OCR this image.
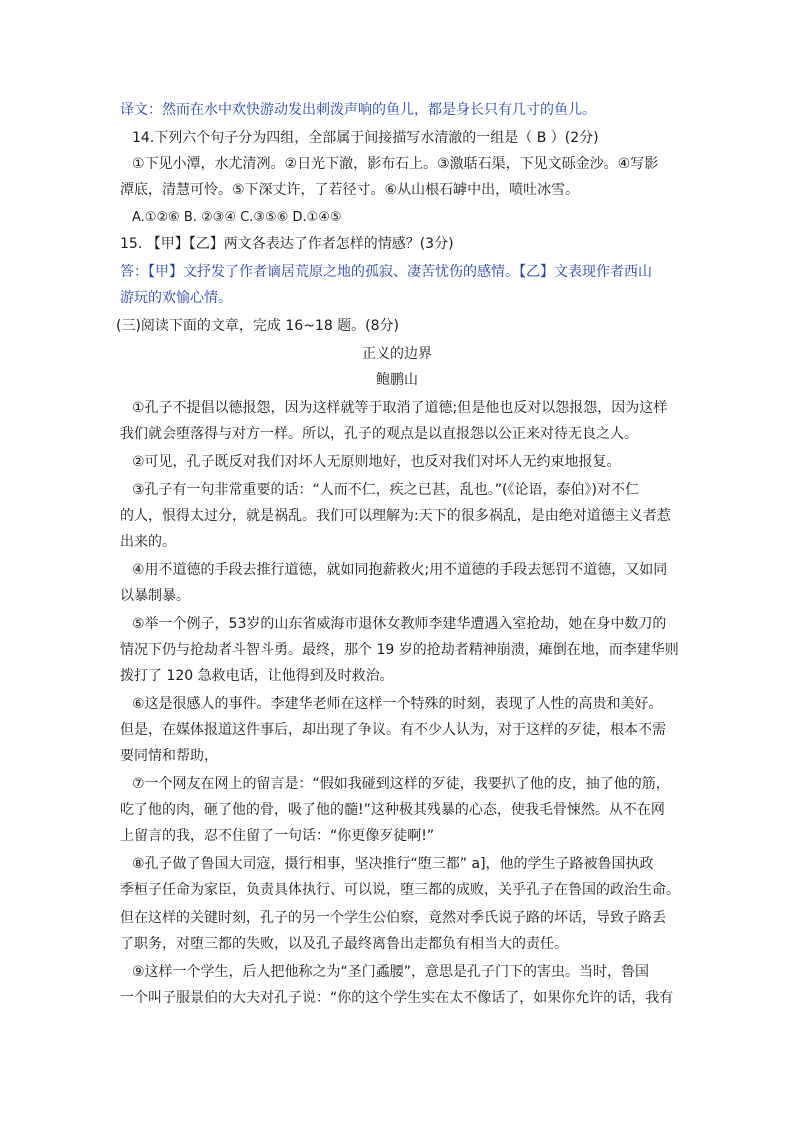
译文：然而在水中欢快游动发出刺泼声响的鱼儿，都是身长只有几寸的鱼儿。
14.下列六个句子分为四组，全部属于间接描写水清澈的一组是（ B ）(2分)
①下见小潭，水尤清冽。②日光下澈，影布石上。③激聒石渠，下见文砾金沙。④写影
潭底，清慧可怜。⑤下深丈许，了若径寸。⑥从山根石罅中出，喷吐冰雪。
A.①②⑥ B. ②③④ C.③⑤⑥ D.①④⑤
15. 【甲】【乙】两文各表达了作者怎样的情感？(3分)
答：【甲】文抒发了作者谪居荒原之地的孤寂、凄苦忧伤的感情。【乙】文表现作者西山
游玩的欢愉心情。
(三)阅读下面的文章，完成 16~18 题。(8分)
正义的边界
鲍鹏山
①孔子不提倡以德报怨，因为这样就等于取消了道德;但是他也反对以怨报怨，因为这样
我们就会堕落得与对方一样。所以，孔子的观点是以直报怨以公正来对待无良之人。
②可见，孔子既反对我们对坏人无原则地好，也反对我们对坏人无约束地报复。
③孔子有一句非常重要的话：“人而不仁，疾之已甚，乱也。”(《论语，泰伯》)对不仁
的人，恨得太过分，就是祸乱。我们可以理解为:天下的很多祸乱，是由绝对道德主义者惹
出来的。
④用不道德的手段去推行道德，就如同抱薪救火;用不道德的手段去惩罚不道德，又如同
以暴制暴。
⑤举一个例子，53岁的山东省威海市退休女教师李建华遭遇入室抢劫，她在身中数刀的
情况下仍与抢劫者斗智斗勇。最终，那个 19 岁的抢劫者精神崩溃，瘫倒在地，而李建华则
拨打了 120 急救电话，让他得到及时救治。
⑥这是很感人的事件。李建华老师在这样一个特殊的时刻，表现了人性的高贵和美好。
但是，在媒体报道这件事后，却出现了争议。有不少人认为，对于这样的歹徒，根本不需
要同情和帮助，
⑦一个网友在网上的留言是：“假如我碰到这样的歹徒，我要扒了他的皮，抽了他的筋，
吃了他的肉，砸了他的骨，吸了他的髓!”这种极其残暴的心态，使我毛骨悚然。从不在网
上留言的我，忍不住留了一句话：“你更像歹徒啊!”
⑧孔子做了鲁国大司寇，摄行相事，坚决推行“堕三都” a]，他的学生子路被鲁国执政
季桓子任命为家臣，负责具体执行、可以说，堕三都的成败，关乎孔子在鲁国的政治生命。
但在这样的关键时刻，孔子的另一个学生公伯察，竟然对季氏说子路的坏话，导致子路丢
了职务，对堕三都的失败，以及孔子最终离鲁出走都负有相当大的责任。
⑨这样一个学生，后人把他称之为“圣门蟊腰”，意思是孔子门下的害虫。当时，鲁国
一个叫子服景伯的大夫对孔子说：“你的这个学生实在太不像话了，如果你允许的话，我有
